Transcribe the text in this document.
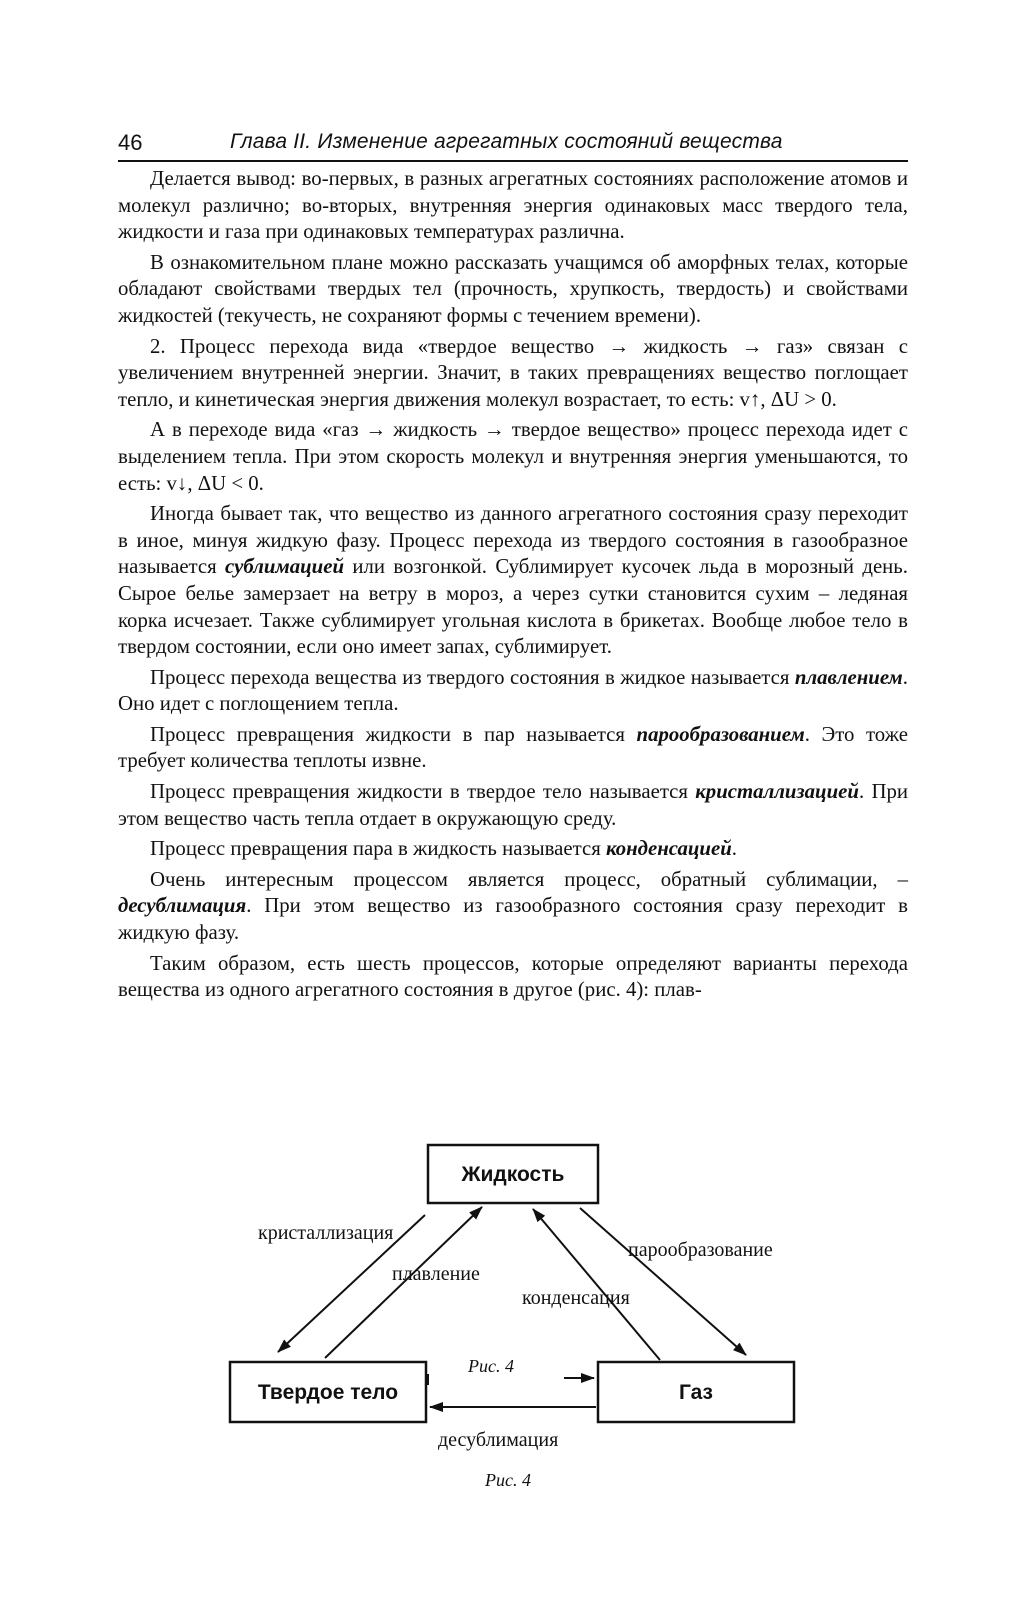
46	Глава II. Изменение агрегатных состояний вещества

Делается вывод: во-первых, в разных агрегатных состояниях расположение атомов и молекул различно; во-вторых, внутренняя энергия одинаковых масс твердого тела, жидкости и газа при одинаковых температурах различна.

В ознакомительном плане можно рассказать учащимся об аморфных телах, которые обладают свойствами твердых тел (прочность, хрупкость, твердость) и свойствами жидкостей (текучесть, не сохраняют формы с течением времени).

2. Процесс перехода вида «твердое вещество → жидкость → газ» связан с увеличением внутренней энергии. Значит, в таких превращениях вещество поглощает тепло, и кинетическая энергия движения молекул возрастает, то есть: v↑, ΔU > 0.

А в переходе вида «газ → жидкость → твердое вещество» процесс перехода идет с выделением тепла. При этом скорость молекул и внутренняя энергия уменьшаются, то есть: v↓, ΔU < 0.

Иногда бывает так, что вещество из данного агрегатного состояния сразу переходит в иное, минуя жидкую фазу. Процесс перехода из твердого состояния в газообразное называется сублимацией или возгонкой. Сублимирует кусочек льда в морозный день. Сырое белье замерзает на ветру в мороз, а через сутки становится сухим – ледяная корка исчезает. Также сублимирует угольная кислота в брикетах. Вообще любое тело в твердом состоянии, если оно имеет запах, сублимирует.

Процесс перехода вещества из твердого состояния в жидкое называется плавлением. Оно идет с поглощением тепла.

Процесс превращения жидкости в пар называется парообразованием. Это тоже требует количества теплоты извне.

Процесс превращения жидкости в твердое тело называется кристаллизацией. При этом вещество часть тепла отдает в окружающую среду.

Процесс превращения пара в жидкость называется конденсацией.

Очень интересным процессом является процесс, обратный сублимации, – десублимация. При этом вещество из газообразного состояния сразу переходит в жидкую фазу.

Таким образом, есть шесть процессов, которые определяют варианты перехода вещества из одного агрегатного состояния в другое (рис. 4): плав-

Жидкость
Твердое тело	Газ
кристаллизация
плавление
парообразование
конденсация
Рис. 4
десублимация
Рис. 4
